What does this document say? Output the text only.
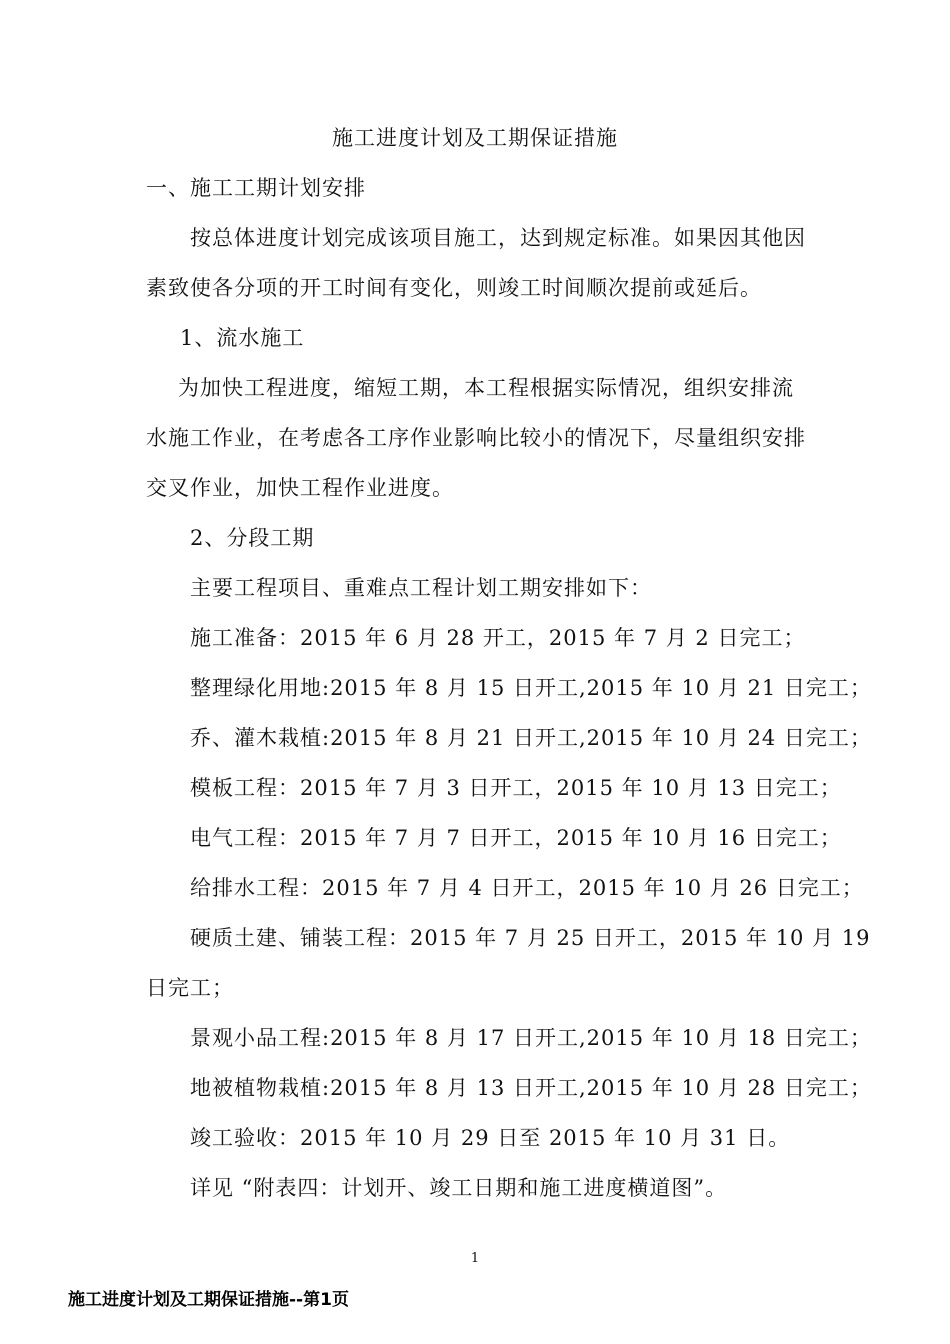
施工进度计划及工期保证措施
一、施工工期计划安排
按总体进度计划完成该项目施工，达到规定标准。如果因其他因
素致使各分项的开工时间有变化，则竣工时间顺次提前或延后。
1、流水施工
为加快工程进度，缩短工期，本工程根据实际情况，组织安排流
水施工作业，在考虑各工序作业影响比较小的情况下，尽量组织安排
交叉作业，加快工程作业进度。
2、分段工期
主要工程项目、重难点工程计划工期安排如下：
施工准备：2015 年 6 月 28 开工，2015 年 7 月 2 日完工；
整理绿化用地:2015 年 8 月 15 日开工,2015 年 10 月 21 日完工；
乔、灌木栽植:2015 年 8 月 21 日开工,2015 年 10 月 24 日完工；
模板工程：2015 年 7 月 3 日开工，2015 年 10 月 13 日完工；
电气工程：2015 年 7 月 7 日开工，2015 年 10 月 16 日完工；
给排水工程：2015 年 7 月 4 日开工，2015 年 10 月 26 日完工；
硬质土建、铺装工程：2015 年 7 月 25 日开工，2015 年 10 月 19
日完工；
景观小品工程:2015 年 8 月 17 日开工,2015 年 10 月 18 日完工；
地被植物栽植:2015 年 8 月 13 日开工,2015 年 10 月 28 日完工；
竣工验收：2015 年 10 月 29 日至 2015 年 10 月 31 日。
详见 “附表四：计划开、竣工日期和施工进度横道图”。
1
施工进度计划及工期保证措施--第1页
